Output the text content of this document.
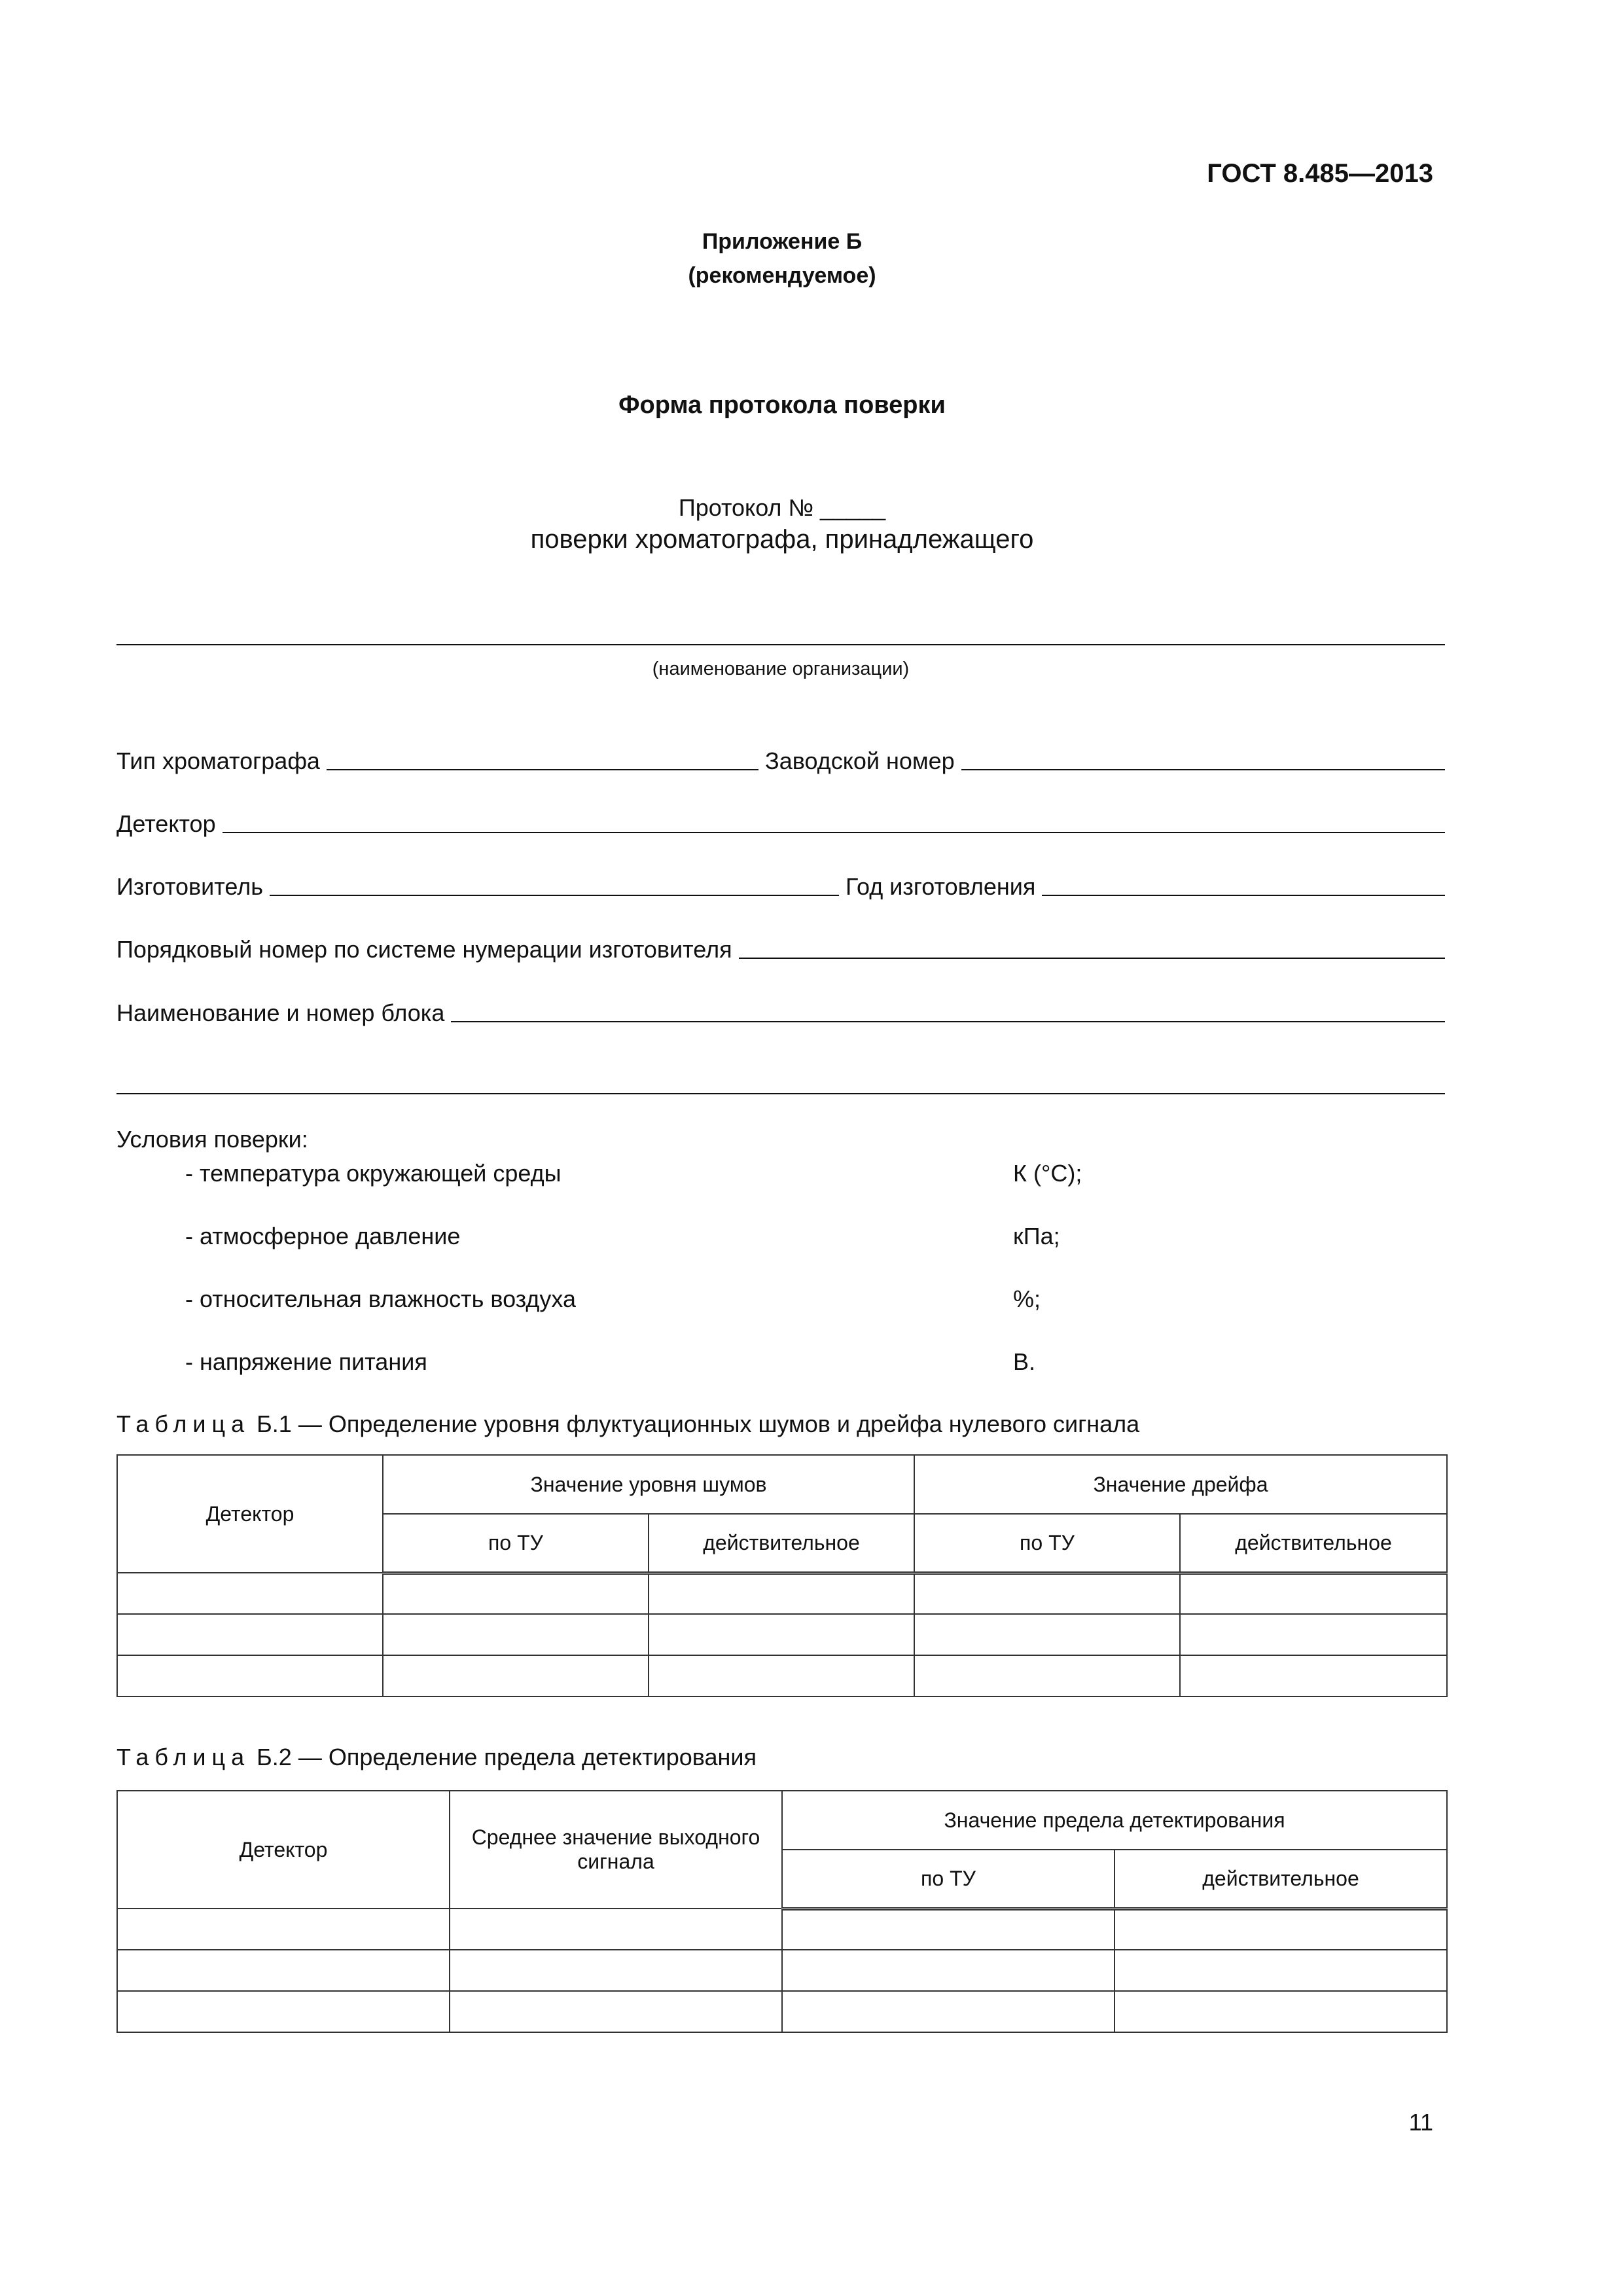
ГОСТ 8.485—2013
Приложение Б
(рекомендуемое)
Форма протокола поверки
Протокол № _____
поверки хроматографа, принадлежащего
(наименование организации)
Тип хроматографа	Заводской номер
Детектор
Изготовитель	Год изготовления
Порядковый номер по системе нумерации изготовителя
Наименование и номер блока
Условия поверки:
- температура окружающей среды	К (°С);
- атмосферное давление	кПа;
- относительная влажность воздуха	%;
- напряжение питания	В.
Таблица Б.1 — Определение уровня флуктуационных шумов и дрейфа нулевого сигнала
Детектор	Значение уровня шумов		Значение дрейфа	
	по ТУ	действительное	по ТУ	действительное

Таблица Б.2 — Определение предела детектирования
Детектор	Среднее значение выходного сигнала	Значение предела детектирования	
		по ТУ	действительное

11
